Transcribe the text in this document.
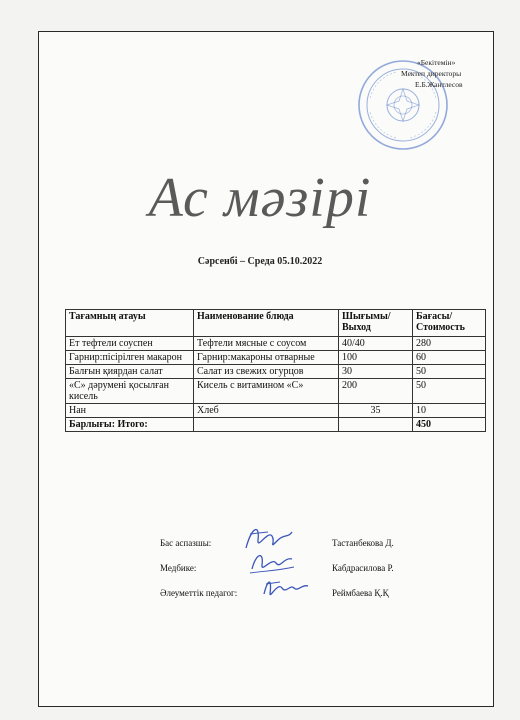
«Бекітемін»
Мектеп директоры
Е.Б.Жантлесов
Ас мәзірі
Сәрсенбі – Среда 05.10.2022
Тағамның атауы	Наименование блюда	Шығымы/ Выход	Бағасы/ Стоимость
Ет тефтели соуспен	Тефтели мясные с соусом	40/40	280
Гарнир:пісірілген макарон	Гарнир:макароны отварные	100	60
Балғын қиярдан салат	Салат из свежих огурцов	30	50
«С» дәрумені қосылған кисель	Кисель с витамином «С»	200	50
Нан	Хлеб	35	10
Барлығы: Итого:			450
Бас аспазшы:	Тастанбекова Д.
Медбике:	Кабдрасилова Р.
Әлеуметтік педагог:	Реймбаева Қ.Қ
